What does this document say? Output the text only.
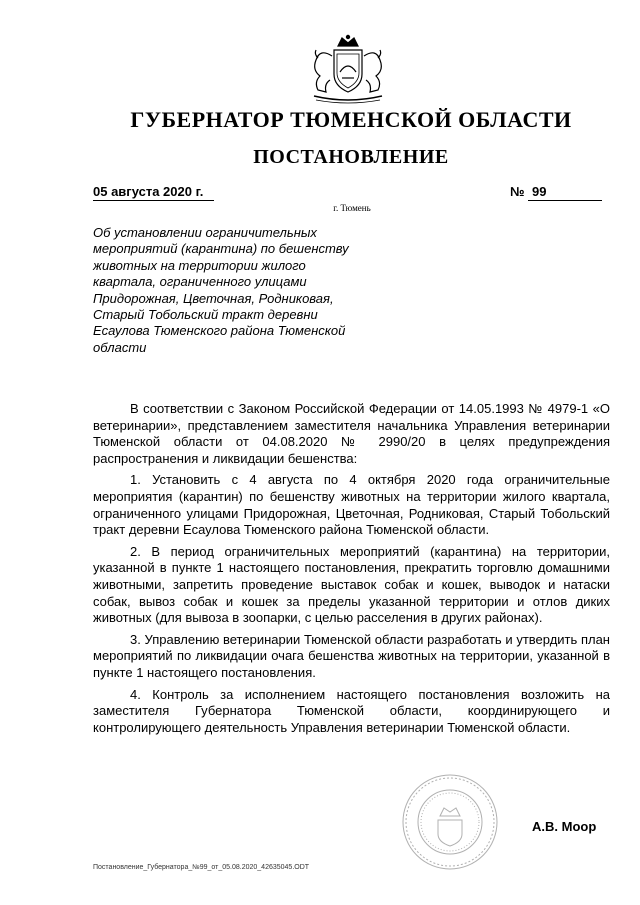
ГУБЕРНАТОР ТЮМЕНСКОЙ ОБЛАСТИ
ПОСТАНОВЛЕНИЕ
05 августа 2020 г.	№ 99
г. Тюмень
Об установлении ограничительных
мероприятий (карантина) по бешенству
животных на территории жилого
квартала, ограниченного улицами
Придорожная, Цветочная, Родниковая,
Старый Тобольский тракт деревни
Есаулова Тюменского района Тюменской
области

В соответствии с Законом Российской Федерации от 14.05.1993 № 4979-1 «О ветеринарии», представлением заместителя начальника Управления ветеринарии Тюменской области от 04.08.2020 № 2990/20 в целях предупреждения распространения и ликвидации бешенства:

1. Установить с 4 августа по 4 октября 2020 года ограничительные мероприятия (карантин) по бешенству животных на территории жилого квартала, ограниченного улицами Придорожная, Цветочная, Родниковая, Старый Тобольский тракт деревни Есаулова Тюменского района Тюменской области.

2. В период ограничительных мероприятий (карантина) на территории, указанной в пункте 1 настоящего постановления, прекратить торговлю домашними животными, запретить проведение выставок собак и кошек, выводок и натаски собак, вывоз собак и кошек за пределы указанной территории и отлов диких животных (для вывоза в зоопарки, с целью расселения в других районах).

3. Управлению ветеринарии Тюменской области разработать и утвердить план мероприятий по ликвидации очага бешенства животных на территории, указанной в пункте 1 настоящего постановления.

4. Контроль за исполнением настоящего постановления возложить на заместителя Губернатора Тюменской области, координирующего и контролирующего деятельность Управления ветеринарии Тюменской области.

А.В. Моор
Постановление_Губернатора_№99_от_05.08.2020_42635045.ODT
